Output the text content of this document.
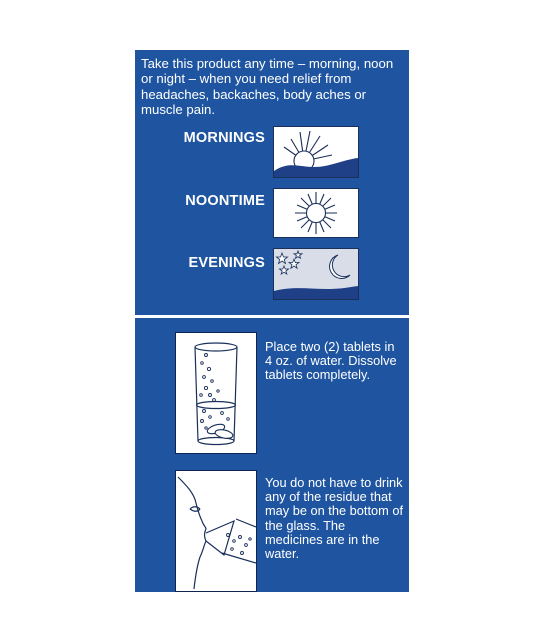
Take this product any time – morning, noon or night – when you need relief from headaches, backaches, body aches or muscle pain.
MORNINGS
NOONTIME
EVENINGS
Place two (2) tablets in 4 oz. of water. Dissolve tablets completely.
You do not have to drink any of the residue that may be on the bottom of the glass. The medicines are in the water.
